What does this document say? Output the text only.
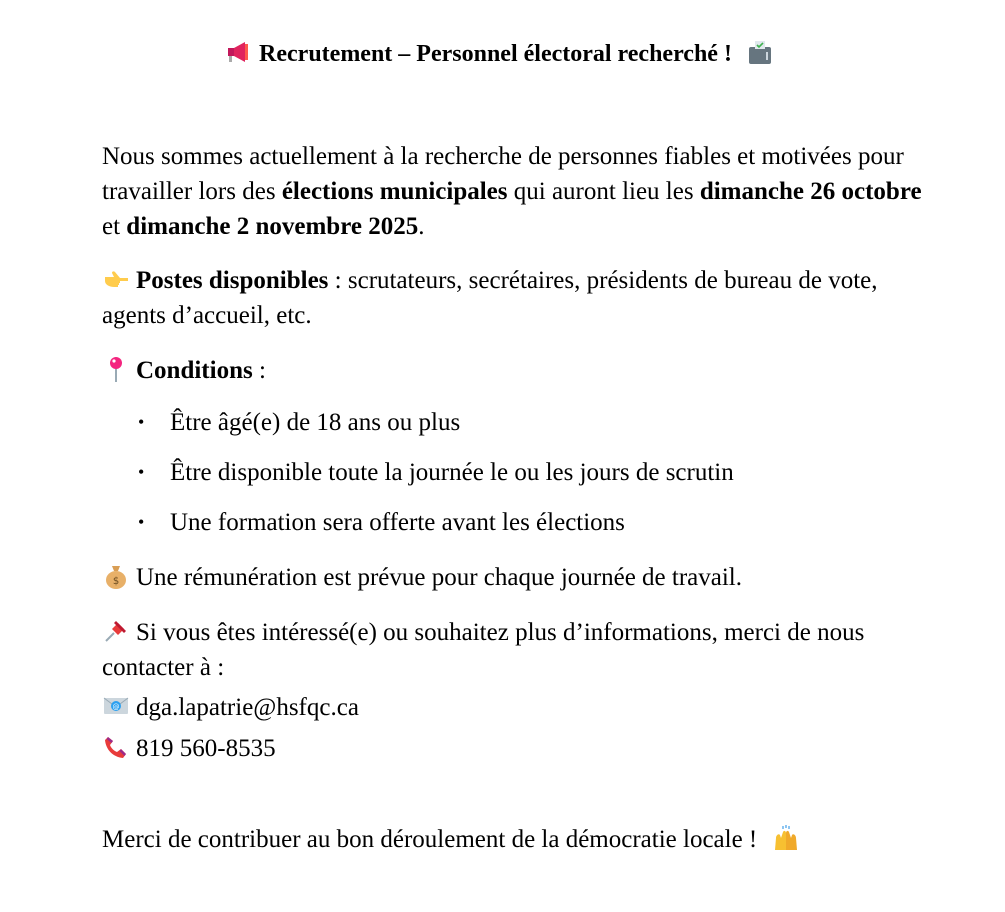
Recrutement – Personnel électoral recherché !

Nous sommes actuellement à la recherche de personnes fiables et motivées pour travailler lors des élections municipales qui auront lieu les dimanche 26 octobre et dimanche 2 novembre 2025.

Postes disponibles : scrutateurs, secrétaires, présidents de bureau de vote, agents d’accueil, etc.

Conditions :

• Être âgé(e) de 18 ans ou plus
• Être disponible toute la journée le ou les jours de scrutin
• Une formation sera offerte avant les élections

$ Une rémunération est prévue pour chaque journée de travail.

Si vous êtes intéressé(e) ou souhaitez plus d’informations, merci de nous contacter à :

@ dga.lapatrie@hsfqc.ca

819 560-8535

Merci de contribuer au bon déroulement de la démocratie locale !
